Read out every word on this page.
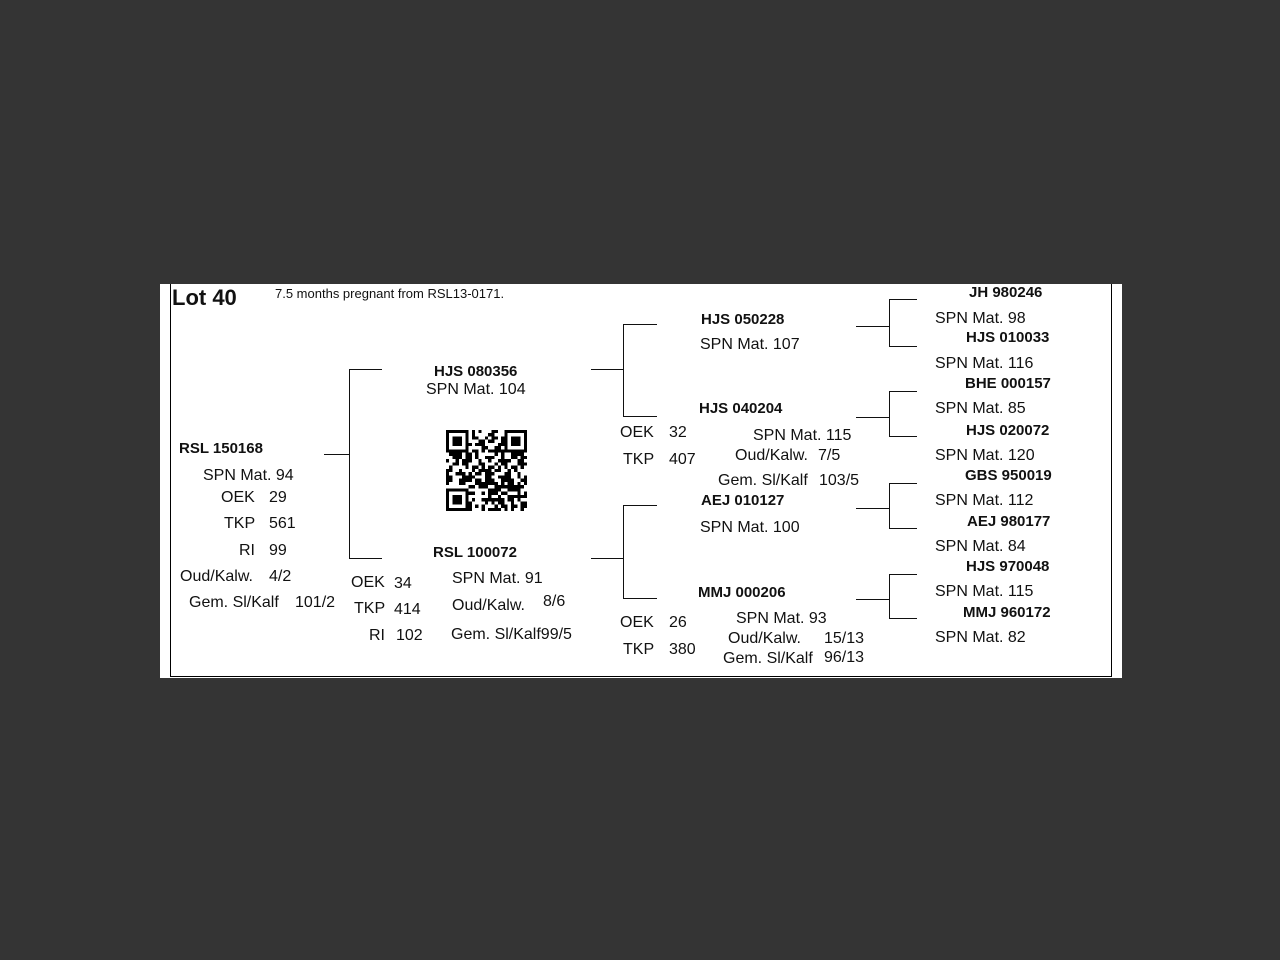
Lot 40	7.5 months pregnant from RSL13-0171.
RSL 150168
SPN Mat. 94
OEK 29
TKP 561
RI 99
Oud/Kalw. 4/2
Gem. Sl/Kalf 101/2
HJS 080356
SPN Mat. 104
RSL 100072
SPN Mat. 91
OEK 34
TKP 414
RI 102
Oud/Kalw. 8/6
Gem. Sl/Kalf99/5
HJS 050228
SPN Mat. 107
HJS 040204
OEK 32
TKP 407
SPN Mat. 115
Oud/Kalw. 7/5
Gem. Sl/Kalf 103/5
AEJ 010127
SPN Mat. 100
MMJ 000206
SPN Mat. 93
OEK 26
TKP 380
Oud/Kalw. 15/13
Gem. Sl/Kalf 96/13
JH 980246
SPN Mat. 98
HJS 010033
SPN Mat. 116
BHE 000157
SPN Mat. 85
HJS 020072
SPN Mat. 120
GBS 950019
SPN Mat. 112
AEJ 980177
SPN Mat. 84
HJS 970048
SPN Mat. 115
MMJ 960172
SPN Mat. 82
